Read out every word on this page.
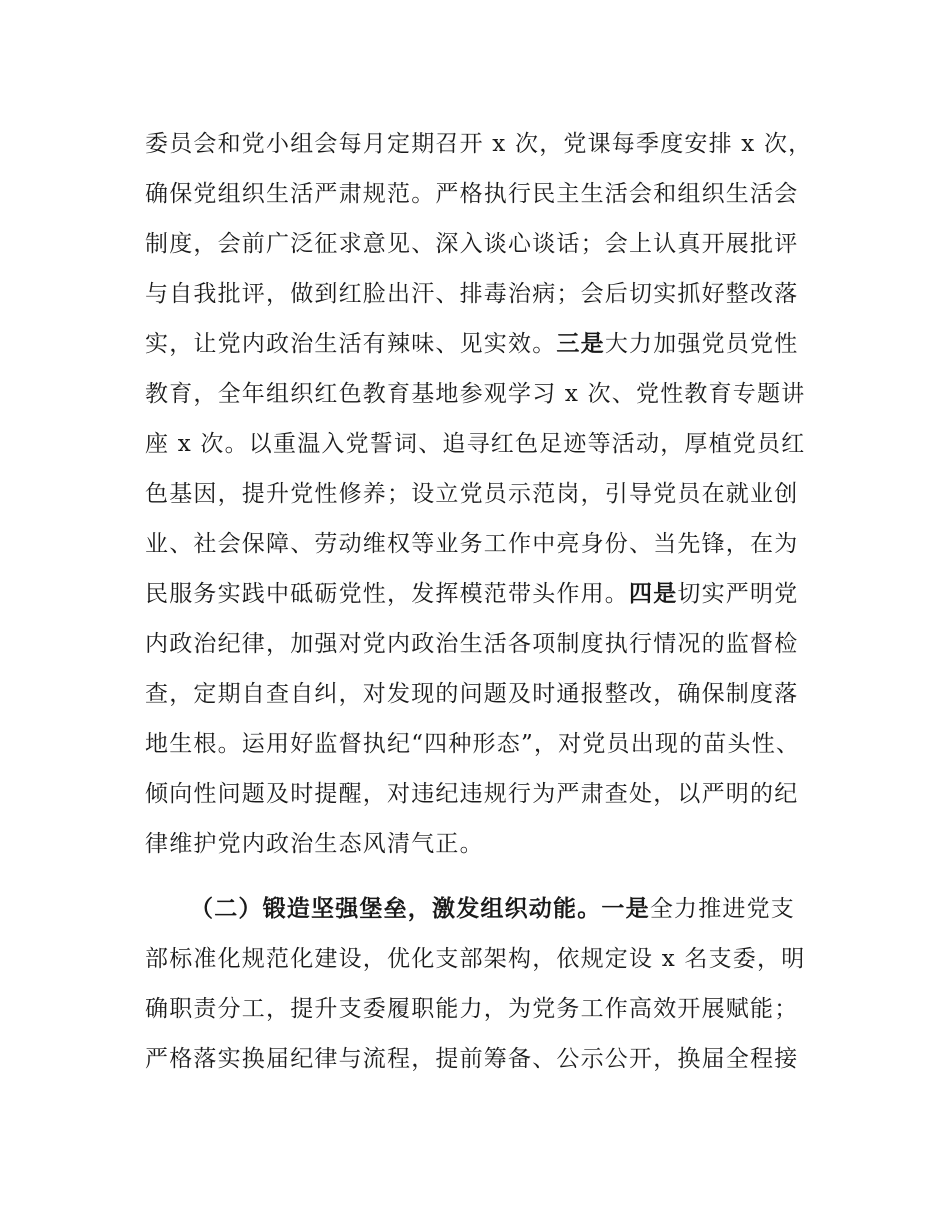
委员会和党小组会每月定期召开 x 次，党课每季度安排 x 次，
确保党组织生活严肃规范。严格执行民主生活会和组织生活会
制度，会前广泛征求意见、深入谈心谈话；会上认真开展批评
与自我批评，做到红脸出汗、排毒治病；会后切实抓好整改落
实，让党内政治生活有辣味、见实效。三是大力加强党员党性
教育，全年组织红色教育基地参观学习 x 次、党性教育专题讲
座 x 次。以重温入党誓词、追寻红色足迹等活动，厚植党员红
色基因，提升党性修养；设立党员示范岗，引导党员在就业创
业、社会保障、劳动维权等业务工作中亮身份、当先锋，在为
民服务实践中砥砺党性，发挥模范带头作用。四是切实严明党
内政治纪律，加强对党内政治生活各项制度执行情况的监督检
查，定期自查自纠，对发现的问题及时通报整改，确保制度落
地生根。运用好监督执纪“四种形态”，对党员出现的苗头性、
倾向性问题及时提醒，对违纪违规行为严肃查处，以严明的纪
律维护党内政治生态风清气正。
（二）锻造坚强堡垒，激发组织动能。一是全力推进党支
部标准化规范化建设，优化支部架构，依规定设 x 名支委，明
确职责分工，提升支委履职能力，为党务工作高效开展赋能；
严格落实换届纪律与流程，提前筹备、公示公开，换届全程接
